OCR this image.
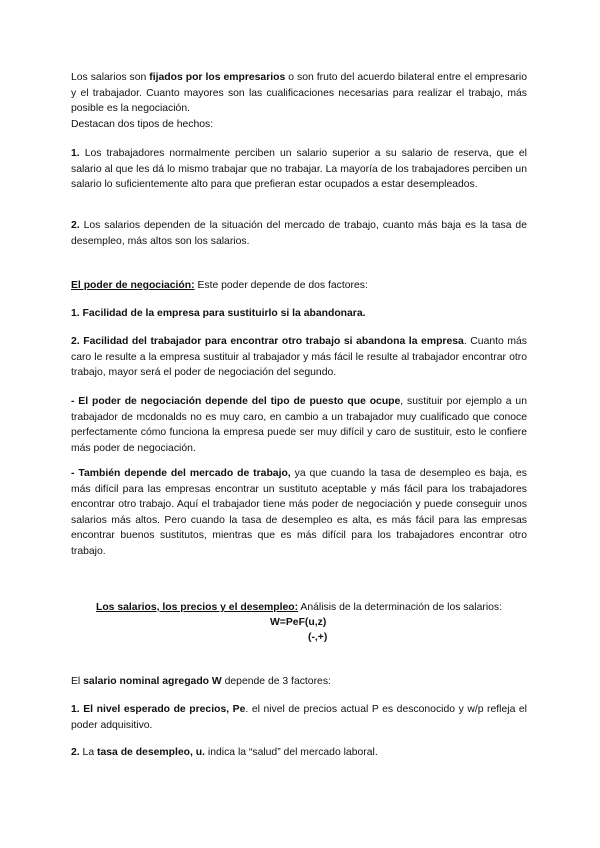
Los salarios son fijados por los empresarios o son fruto del acuerdo bilateral entre el empresario y el trabajador. Cuanto mayores son las cualificaciones necesarias para realizar el trabajo, más posible es la negociación.
Destacan dos tipos de hechos:

1. Los trabajadores normalmente perciben un salario superior a su salario de reserva, que el salario al que les dá lo mismo trabajar que no trabajar. La mayoría de los trabajadores perciben un salario lo suficientemente alto para que prefieran estar ocupados a estar desempleados.

2. Los salarios dependen de la situación del mercado de trabajo, cuanto más baja es la tasa de desempleo, más altos son los salarios.

El poder de negociación: Este poder depende de dos factores:

1. Facilidad de la empresa para sustituirlo si la abandonara.

2. Facilidad del trabajador para encontrar otro trabajo si abandona la empresa. Cuanto más caro le resulte a la empresa sustituir al trabajador y más fácil le resulte al trabajador encontrar otro trabajo, mayor será el poder de negociación del segundo.

- El poder de negociación depende del tipo de puesto que ocupe, sustituir por ejemplo a un trabajador de mcdonalds no es muy caro, en cambio a un trabajador muy cualificado que conoce perfectamente cómo funciona la empresa puede ser muy difícil y caro de sustituir, esto le confiere más poder de negociación.

- También depende del mercado de trabajo, ya que cuando la tasa de desempleo es baja, es más difícil para las empresas encontrar un sustituto aceptable y más fácil para los trabajadores encontrar otro trabajo. Aquí el trabajador tiene más poder de negociación y puede conseguir unos salarios más altos. Pero cuando la tasa de desempleo es alta, es más fácil para las empresas encontrar buenos sustitutos, mientras que es más difícil para los trabajadores encontrar otro trabajo.

Los salarios, los precios y el desempleo: Análisis de la determinación de los salarios:

W=PeF(u,z)

(-,+)

El salario nominal agregado W depende de 3 factores:

1. El nivel esperado de precios, Pe. el nivel de precios actual P es desconocido y w/p refleja el poder adquisitivo.

2. La tasa de desempleo, u. indica la “salud” del mercado laboral.
